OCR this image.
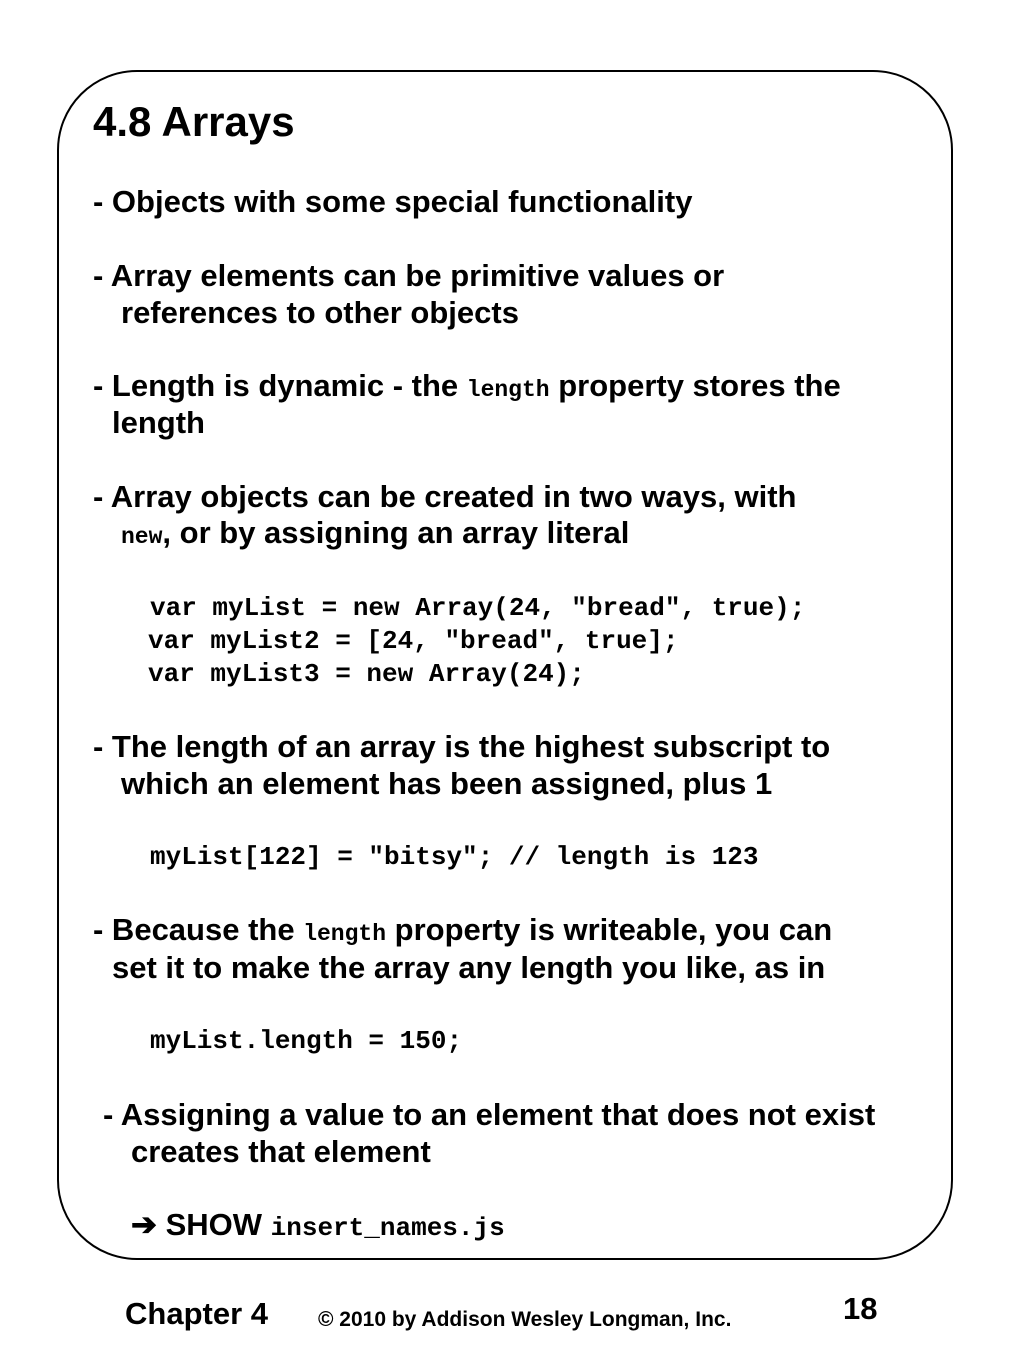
4.8 Arrays
- Objects with some special functionality
- Array elements can be primitive values or
references to other objects
- Length is dynamic - the length property stores the
length
- Array objects can be created in two ways, with
new, or by assigning an array literal
var myList = new Array(24, "bread", true);
var myList2 = [24, "bread", true];
var myList3 = new Array(24);
- The length of an array is the highest subscript to
which an element has been assigned, plus 1
myList[122] = "bitsy"; // length is 123
- Because the length property is writeable, you can
set it to make the array any length you like, as in
myList.length = 150;
- Assigning a value to an element that does not exist
creates that element
➔ SHOW insert_names.js
Chapter 4 © 2010 by Addison Wesley Longman, Inc.	18
